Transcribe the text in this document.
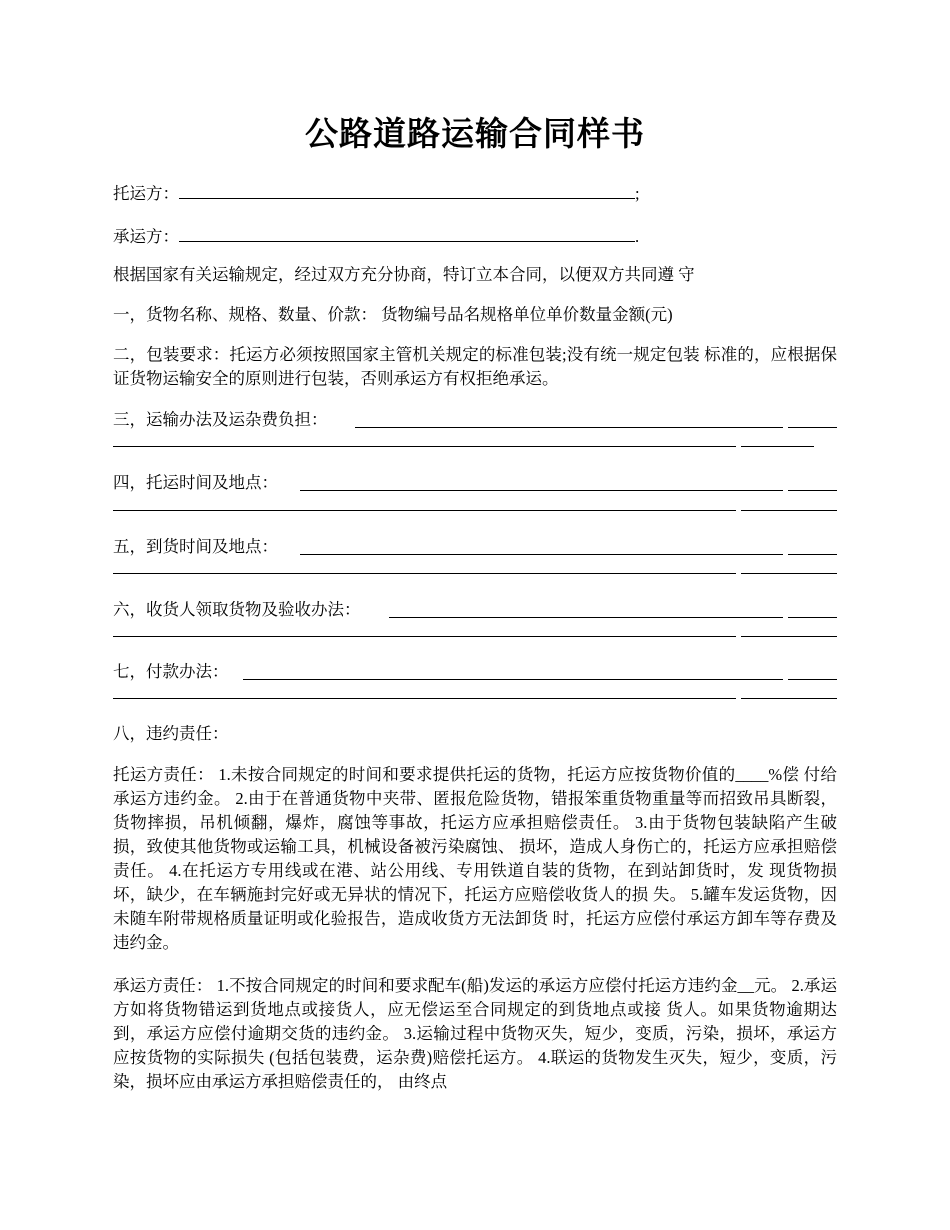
公路道路运输合同样书
托运方：	;
承运方：	.
根据国家有关运输规定，经过双方充分协商，特订立本合同，以便双方共同遵 守
一，货物名称、规格、数量、价款： 货物编号品名规格单位单价数量金额(元)
二，包装要求：托运方必须按照国家主管机关规定的标准包装;没有统一规定包装 标准的，应根据保证货物运输安全的原则进行包装，否则承运方有权拒绝承运。
三，运输办法及运杂费负担：
四，托运时间及地点：
五，到货时间及地点：
六，收货人领取货物及验收办法：
七，付款办法：
八，违约责任：
托运方责任： 1.未按合同规定的时间和要求提供托运的货物，托运方应按货物价值的____%偿 付给承运方违约金。 2.由于在普通货物中夹带、匿报危险货物，错报笨重货物重量等而招致吊具断裂， 货物摔损，吊机倾翻，爆炸，腐蚀等事故，托运方应承担赔偿责任。 3.由于货物包装缺陷产生破损，致使其他货物或运输工具，机械设备被污染腐蚀、 损坏，造成人身伤亡的，托运方应承担赔偿责任。 4.在托运方专用线或在港、站公用线、专用铁道自装的货物，在到站卸货时，发 现货物损坏，缺少，在车辆施封完好或无异状的情况下，托运方应赔偿收货人的损 失。 5.罐车发运货物，因未随车附带规格质量证明或化验报告，造成收货方无法卸货 时，托运方应偿付承运方卸车等存费及违约金。
承运方责任： 1.不按合同规定的时间和要求配车(船)发运的承运方应偿付托运方违约金__元。 2.承运方如将货物错运到货地点或接货人，应无偿运至合同规定的到货地点或接 货人。如果货物逾期达到，承运方应偿付逾期交货的违约金。 3.运输过程中货物灭失，短少，变质，污染，损坏，承运方应按货物的实际损失 (包括包装费，运杂费)赔偿托运方。 4.联运的货物发生灭失，短少，变质，污染，损坏应由承运方承担赔偿责任的， 由终点
